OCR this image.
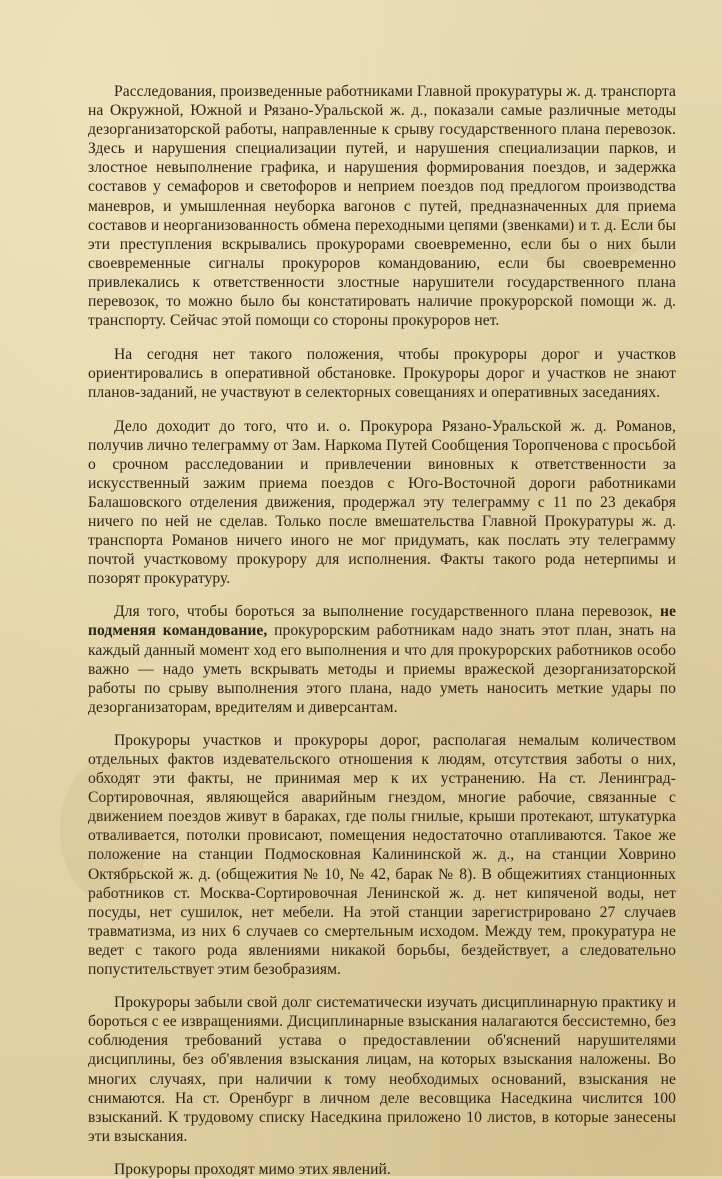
Расследования, произведенные работниками Главной прокуратуры ж. д. транспорта на Окружной, Южной и Рязано-Уральской ж. д., показали самые различные методы дезорганизаторской работы, направленные к срыву государственного плана перевозок. Здесь и нарушения специализации путей, и нарушения специализации парков, и злостное невыполнение графика, и нарушения формирования поездов, и задержка составов у семафоров и светофоров и неприем поездов под предлогом производства маневров, и умышленная неуборка вагонов с путей, предназначенных для приема составов и неорганизованность обмена переходными цепями (звенками) и т. д. Если бы эти преступления вскрывались прокурорами своевременно, если бы о них были своевременные сигналы прокуроров командованию, если бы своевременно привлекались к ответственности злостные нарушители государственного плана перевозок, то можно было бы констатировать наличие прокурорской помощи ж. д. транспорту. Сейчас этой помощи со стороны прокуроров нет.

На сегодня нет такого положения, чтобы прокуроры дорог и участков ориентировались в оперативной обстановке. Прокуроры дорог и участков не знают планов-заданий, не участвуют в селекторных совещаниях и оперативных заседаниях.

Дело доходит до того, что и. о. Прокурора Рязано-Уральской ж. д. Романов, получив лично телеграмму от Зам. Наркома Путей Сообщения Торопченова с просьбой о срочном расследовании и привлечении виновных к ответственности за искусственный зажим приема поездов с Юго-Восточной дороги работниками Балашовского отделения движения, продержал эту телеграмму с 11 по 23 декабря ничего по ней не сделав. Только после вмешательства Главной Прокуратуры ж. д. транспорта Романов ничего иного не мог придумать, как послать эту телеграмму почтой участковому прокурору для исполнения. Факты такого рода нетерпимы и позорят прокуратуру.

Для того, чтобы бороться за выполнение государственного плана перевозок, не подменяя командование, прокурорским работникам надо знать этот план, знать на каждый данный момент ход его выполнения и что для прокурорских работников особо важно — надо уметь вскрывать методы и приемы вражеской дезорганизаторской работы по срыву выполнения этого плана, надо уметь наносить меткие удары по дезорганизаторам, вредителям и диверсантам.

Прокуроры участков и прокуроры дорог, располагая немалым количеством отдельных фактов издевательского отношения к людям, отсутствия заботы о них, обходят эти факты, не принимая мер к их устранению. На ст. Ленинград-Сортировочная, являющейся аварийным гнездом, многие рабочие, связанные с движением поездов живут в бараках, где полы гнилые, крыши протекают, штукатурка отваливается, потолки провисают, помещения недостаточно отапливаются. Такое же положение на станции Подмосковная Калининской ж. д., на станции Ховрино Октябрьской ж. д. (общежития № 10, № 42, барак № 8). В общежитиях станционных работников ст. Москва-Сортировочная Ленинской ж. д. нет кипяченой воды, нет посуды, нет сушилок, нет мебели. На этой станции зарегистрировано 27 случаев травматизма, из них 6 случаев со смертельным исходом. Между тем, прокуратура не ведет с такого рода явлениями никакой борьбы, бездействует, а следовательно попустительствует этим безобразиям.

Прокуроры забыли свой долг систематически изучать дисциплинарную практику и бороться с ее извращениями. Дисциплинарные взыскания налагаются бессистемно, без соблюдения требований устава о предоставлении об'яснений нарушителями дисциплины, без об'явления взыскания лицам, на которых взыскания наложены. Во многих случаях, при наличии к тому необходимых оснований, взыскания не снимаются. На ст. Оренбург в личном деле весовщика Наседкина числится 100 взысканий. К трудовому списку Наседкина приложено 10 листов, в которые занесены эти взыскания.

Прокуроры проходят мимо этих явлений.
